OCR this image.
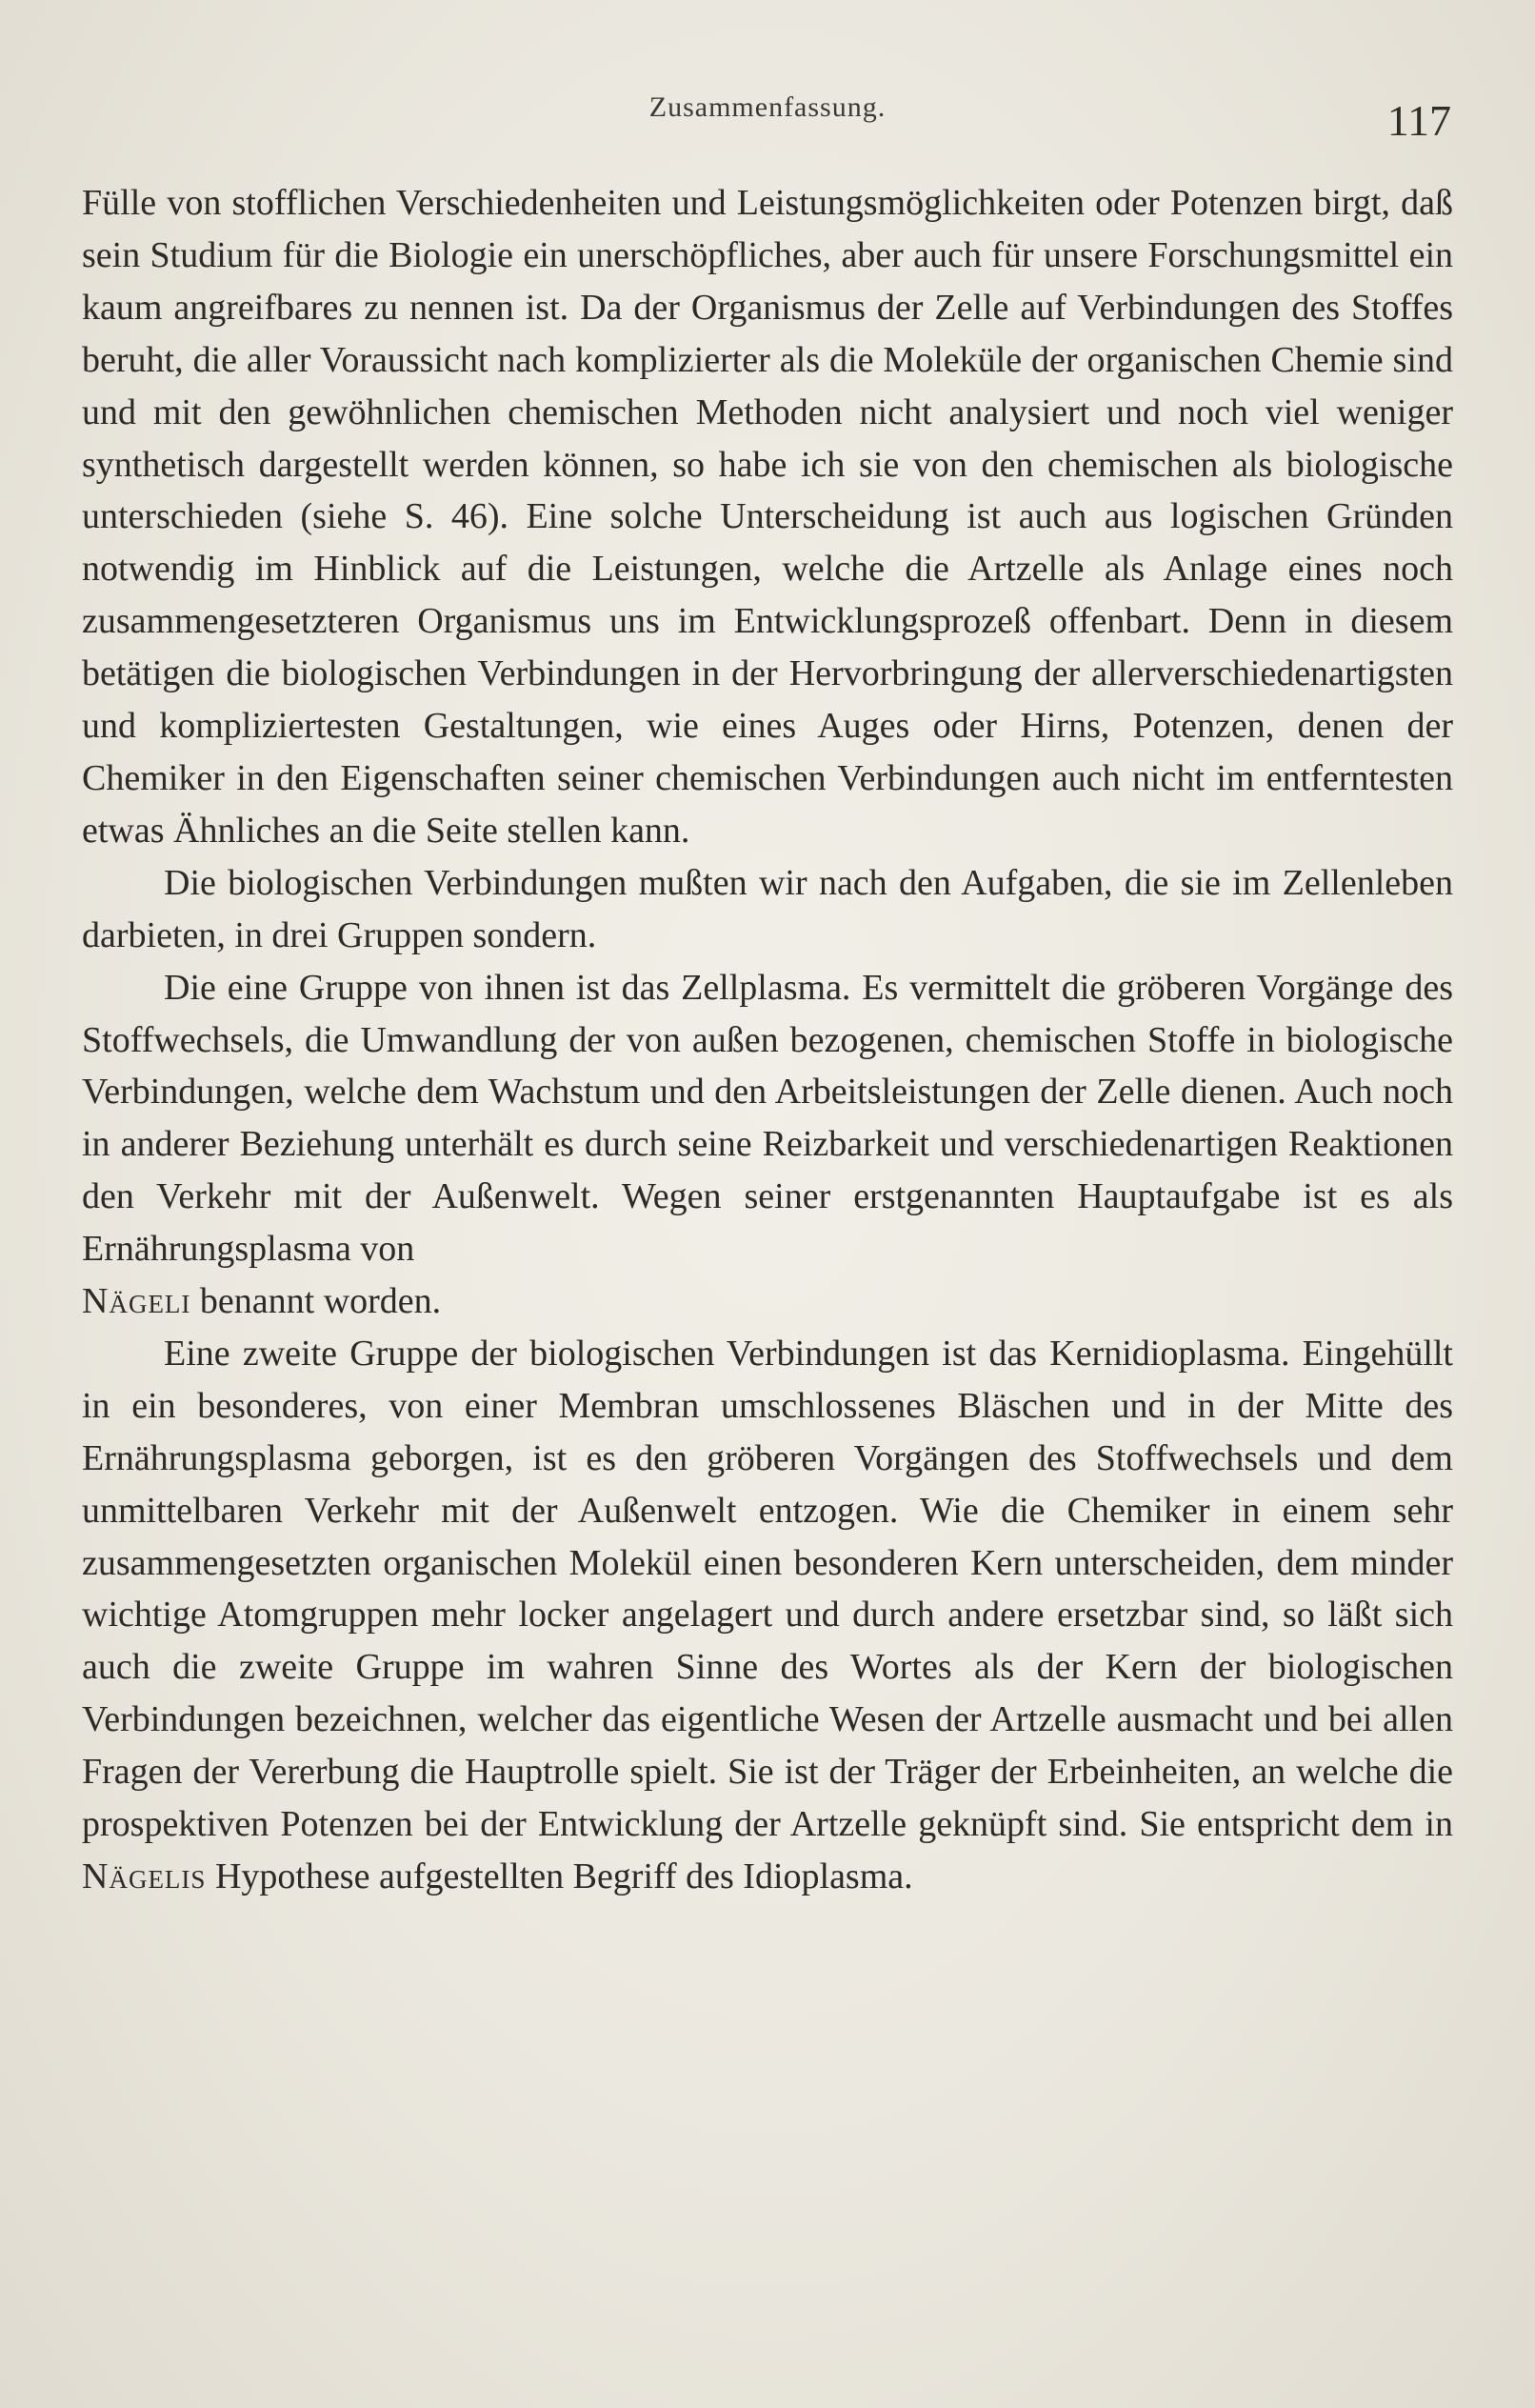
Zusammenfassung.	117

Fülle von stofflichen Verschiedenheiten und Leistungsmöglichkeiten oder Potenzen birgt, daß sein Studium für die Biologie ein unerschöpfliches, aber auch für unsere Forschungsmittel ein kaum angreifbares zu nennen ist. Da der Organismus der Zelle auf Verbindungen des Stoffes beruht, die aller Voraussicht nach komplizierter als die Moleküle der organischen Chemie sind und mit den gewöhnlichen chemischen Methoden nicht analysiert und noch viel weniger synthetisch dargestellt werden können, so habe ich sie von den chemischen als biologische unterschieden (siehe S. 46). Eine solche Unterscheidung ist auch aus logischen Gründen notwendig im Hinblick auf die Leistungen, welche die Artzelle als Anlage eines noch zusammengesetzteren Organismus uns im Entwicklungsprozeß offenbart. Denn in diesem betätigen die biologischen Verbindungen in der Hervorbringung der allerverschiedenartigsten und kompliziertesten Gestaltungen, wie eines Auges oder Hirns, Potenzen, denen der Chemiker in den Eigenschaften seiner chemischen Verbindungen auch nicht im entferntesten etwas Ähnliches an die Seite stellen kann.

Die biologischen Verbindungen mußten wir nach den Aufgaben, die sie im Zellenleben darbieten, in drei Gruppen sondern.

Die eine Gruppe von ihnen ist das Zellplasma. Es vermittelt die gröberen Vorgänge des Stoffwechsels, die Umwandlung der von außen bezogenen, chemischen Stoffe in biologische Verbindungen, welche dem Wachstum und den Arbeitsleistungen der Zelle dienen. Auch noch in anderer Beziehung unterhält es durch seine Reizbarkeit und verschiedenartigen Reaktionen den Verkehr mit der Außenwelt. Wegen seiner erstgenannten Hauptaufgabe ist es als Ernährungsplasma von
Nägeli benannt worden.

Eine zweite Gruppe der biologischen Verbindungen ist das Kernidioplasma. Eingehüllt in ein besonderes, von einer Membran umschlossenes Bläschen und in der Mitte des Ernährungsplasma geborgen, ist es den gröberen Vorgängen des Stoffwechsels und dem unmittelbaren Verkehr mit der Außenwelt entzogen. Wie die Chemiker in einem sehr zusammengesetzten organischen Molekül einen besonderen Kern unterscheiden, dem minder wichtige Atomgruppen mehr locker angelagert und durch andere ersetzbar sind, so läßt sich auch die zweite Gruppe im wahren Sinne des Wortes als der Kern der biologischen Verbindungen bezeichnen, welcher das eigentliche Wesen der Artzelle ausmacht und bei allen Fragen der Vererbung die Hauptrolle spielt. Sie ist der Träger der Erbeinheiten, an welche die prospektiven Potenzen bei der Entwicklung der Artzelle geknüpft sind. Sie entspricht dem in Nägelis Hypothese aufgestellten Begriff des Idioplasma.
